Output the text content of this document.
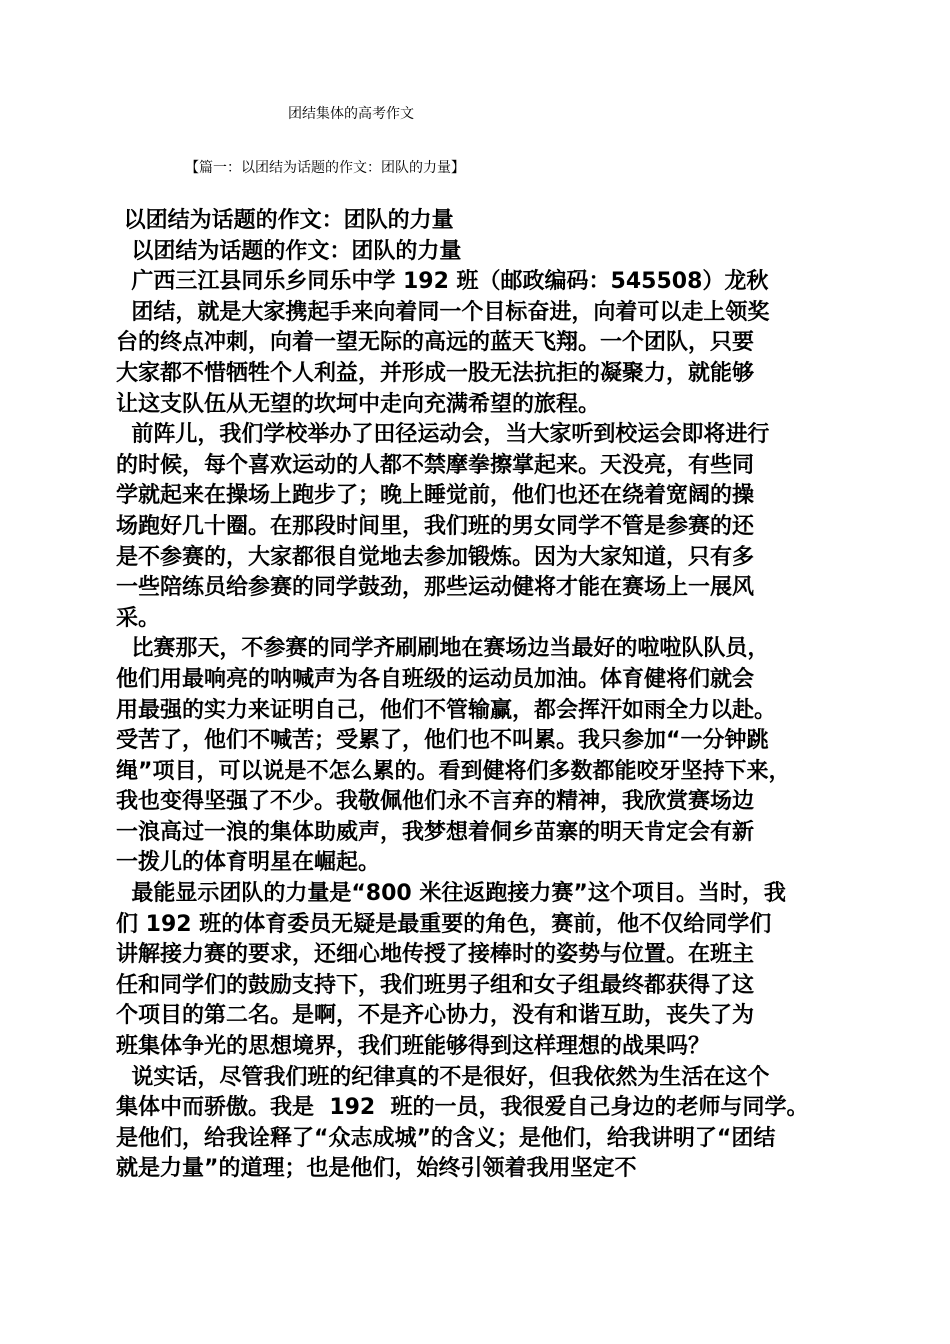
团结集体的高考作文
【篇一：以团结为话题的作文：团队的力量】
以团结为话题的作文：团队的力量
以团结为话题的作文：团队的力量
广西三江县同乐乡同乐中学 192 班（邮政编码：545508）龙秋
团结，就是大家携起手来向着同一个目标奋进，向着可以走上领奖
台的终点冲刺，向着一望无际的高远的蓝天飞翔。一个团队，只要
大家都不惜牺牲个人利益，并形成一股无法抗拒的凝聚力，就能够
让这支队伍从无望的坎坷中走向充满希望的旅程。
前阵儿，我们学校举办了田径运动会，当大家听到校运会即将进行
的时候，每个喜欢运动的人都不禁摩拳擦掌起来。天没亮，有些同
学就起来在操场上跑步了；晚上睡觉前，他们也还在绕着宽阔的操
场跑好几十圈。在那段时间里，我们班的男女同学不管是参赛的还
是不参赛的，大家都很自觉地去参加锻炼。因为大家知道，只有多
一些陪练员给参赛的同学鼓劲，那些运动健将才能在赛场上一展风
采。
比赛那天，不参赛的同学齐刷刷地在赛场边当最好的啦啦队队员，
他们用最响亮的呐喊声为各自班级的运动员加油。体育健将们就会
用最强的实力来证明自己，他们不管输赢，都会挥汗如雨全力以赴。
受苦了，他们不喊苦；受累了，他们也不叫累。我只参加“一分钟跳
绳”项目，可以说是不怎么累的。看到健将们多数都能咬牙坚持下来，
我也变得坚强了不少。我敬佩他们永不言弃的精神，我欣赏赛场边
一浪高过一浪的集体助威声，我梦想着侗乡苗寨的明天肯定会有新
一拨儿的体育明星在崛起。
最能显示团队的力量是“800 米往返跑接力赛”这个项目。当时，我
们 192 班的体育委员无疑是最重要的角色，赛前，他不仅给同学们
讲解接力赛的要求，还细心地传授了接棒时的姿势与位置。在班主
任和同学们的鼓励支持下，我们班男子组和女子组最终都获得了这
个项目的第二名。是啊，不是齐心协力，没有和谐互助，丧失了为
班集体争光的思想境界，我们班能够得到这样理想的战果吗？
说实话，尽管我们班的纪律真的不是很好，但我依然为生活在这个
集体中而骄傲。我是  192  班的一员，我很爱自己身边的老师与同学。
是他们，给我诠释了“众志成城”的含义；是他们，给我讲明了“团结
就是力量”的道理；也是他们，始终引领着我用坚定不
